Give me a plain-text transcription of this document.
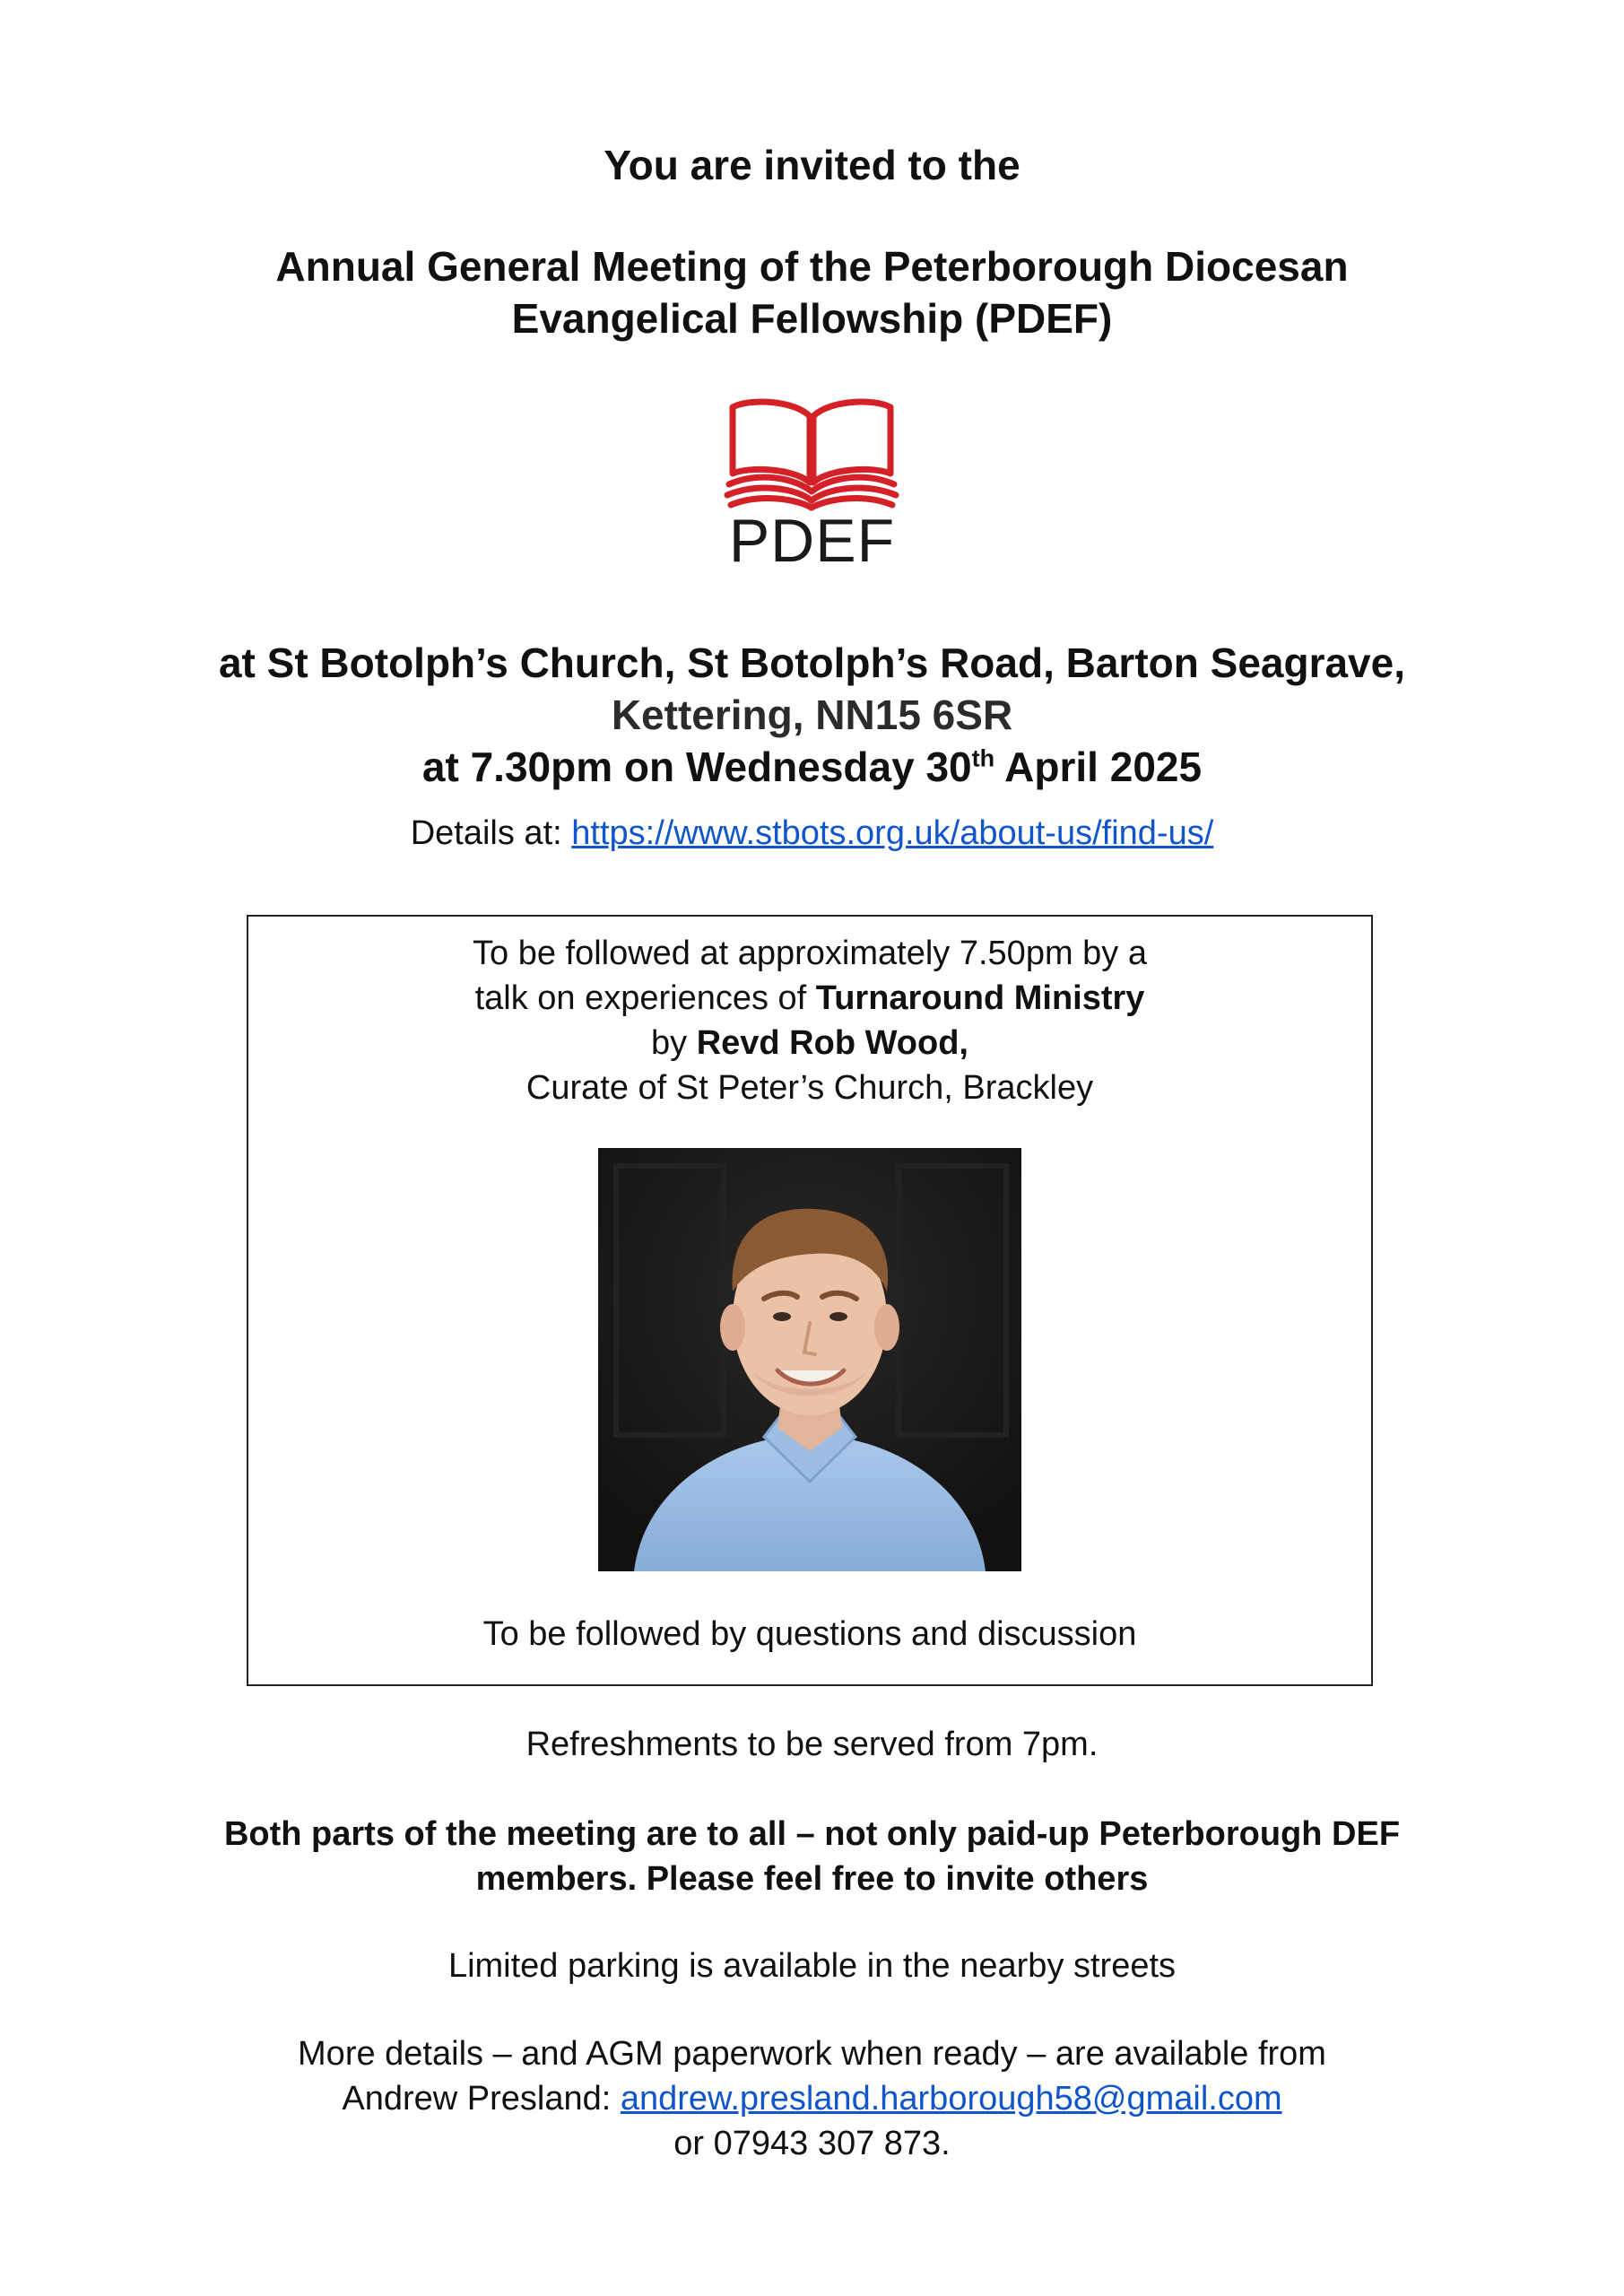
You are invited to the
Annual General Meeting of the Peterborough Diocesan
Evangelical Fellowship (PDEF)
PDEF
at St Botolph’s Church, St Botolph’s Road, Barton Seagrave,
Kettering, NN15 6SR
at 7.30pm on Wednesday 30th April 2025
Details at: https://www.stbots.org.uk/about-us/find-us/
To be followed at approximately 7.50pm by a
talk on experiences of Turnaround Ministry
by Revd Rob Wood,
Curate of St Peter’s Church, Brackley
To be followed by questions and discussion
Refreshments to be served from 7pm.
Both parts of the meeting are to all – not only paid-up Peterborough DEF
members. Please feel free to invite others
Limited parking is available in the nearby streets
More details – and AGM paperwork when ready – are available from
Andrew Presland: andrew.presland.harborough58@gmail.com
or 07943 307 873.
